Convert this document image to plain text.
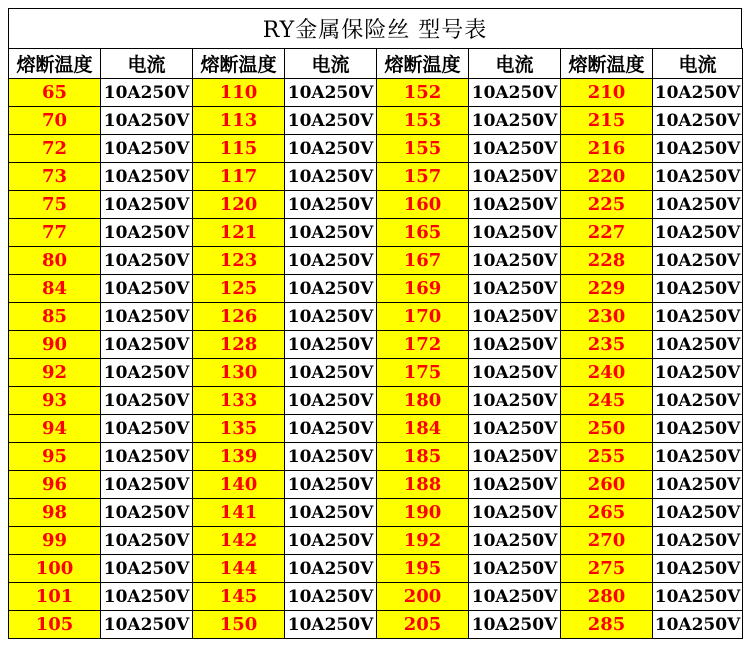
RY金属保险丝 型号表
熔断温度	电流	熔断温度	电流	熔断温度	电流	熔断温度	电流
65	10A250V	110	10A250V	152	10A250V	210	10A250V
70	10A250V	113	10A250V	153	10A250V	215	10A250V
72	10A250V	115	10A250V	155	10A250V	216	10A250V
73	10A250V	117	10A250V	157	10A250V	220	10A250V
75	10A250V	120	10A250V	160	10A250V	225	10A250V
77	10A250V	121	10A250V	165	10A250V	227	10A250V
80	10A250V	123	10A250V	167	10A250V	228	10A250V
84	10A250V	125	10A250V	169	10A250V	229	10A250V
85	10A250V	126	10A250V	170	10A250V	230	10A250V
90	10A250V	128	10A250V	172	10A250V	235	10A250V
92	10A250V	130	10A250V	175	10A250V	240	10A250V
93	10A250V	133	10A250V	180	10A250V	245	10A250V
94	10A250V	135	10A250V	184	10A250V	250	10A250V
95	10A250V	139	10A250V	185	10A250V	255	10A250V
96	10A250V	140	10A250V	188	10A250V	260	10A250V
98	10A250V	141	10A250V	190	10A250V	265	10A250V
99	10A250V	142	10A250V	192	10A250V	270	10A250V
100	10A250V	144	10A250V	195	10A250V	275	10A250V
101	10A250V	145	10A250V	200	10A250V	280	10A250V
105	10A250V	150	10A250V	205	10A250V	285	10A250V
